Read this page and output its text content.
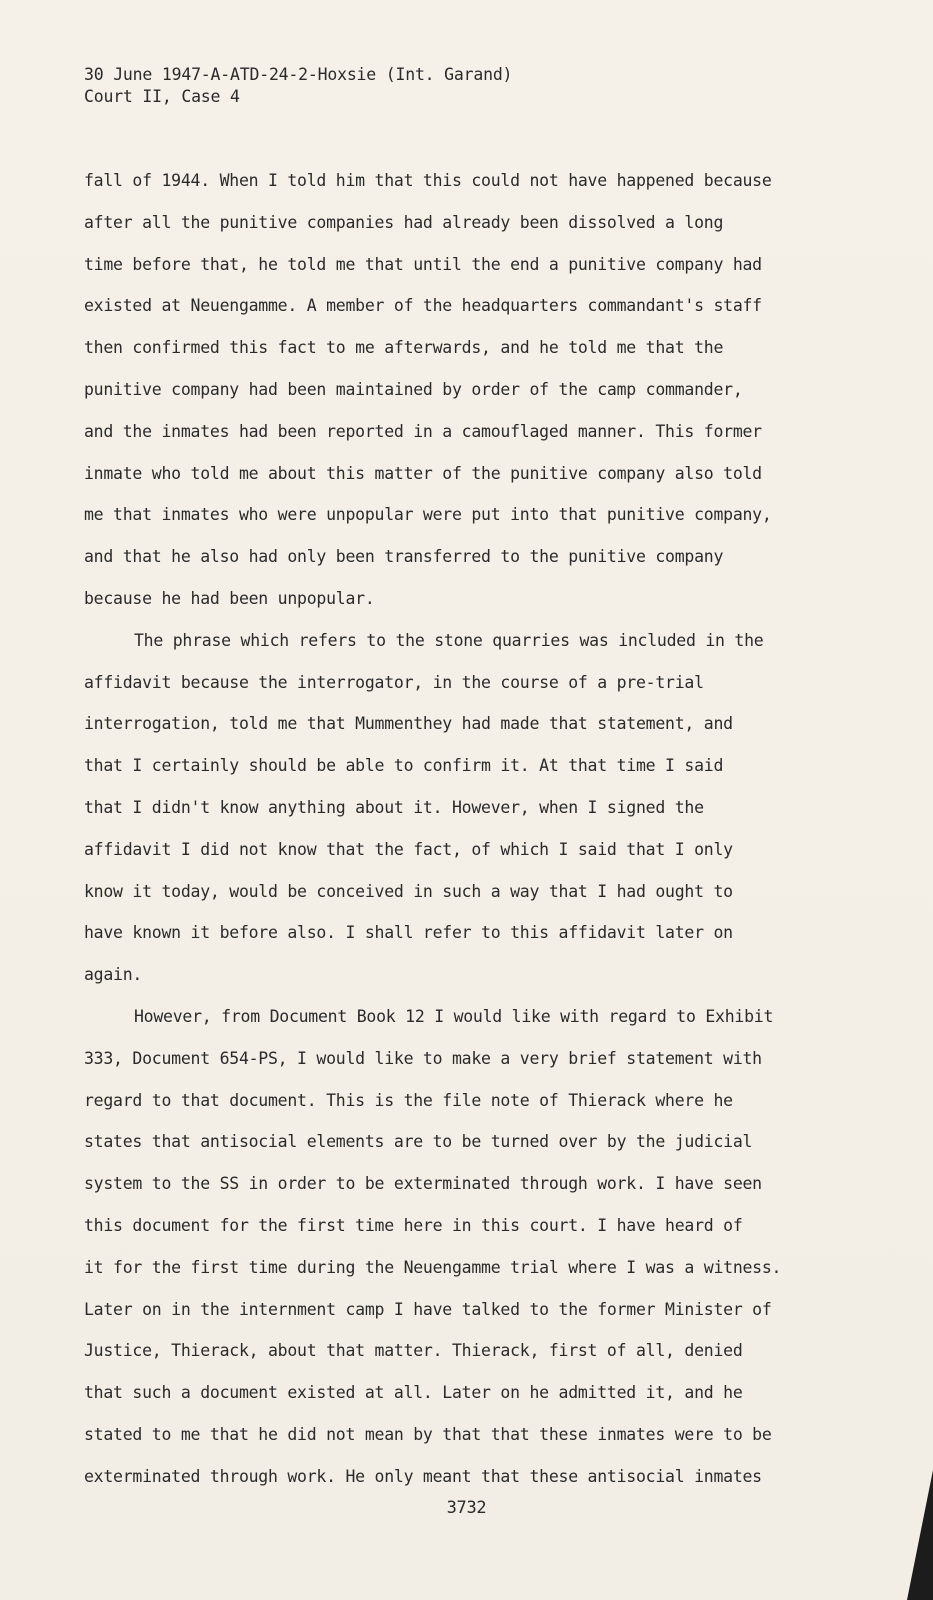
30 June 1947-A-ATD-24-2-Hoxsie (Int. Garand)
Court II, Case 4
fall of 1944. When I told him that this could not have happened because
after all the punitive companies had already been dissolved a long
time before that, he told me that until the end a punitive company had
existed at Neuengamme. A member of the headquarters commandant's staff
then confirmed this fact to me afterwards, and he told me that the
punitive company had been maintained by order of the camp commander,
and the inmates had been reported in a camouflaged manner. This former
inmate who told me about this matter of the punitive company also told
me that inmates who were unpopular were put into that punitive company,
and that he also had only been transferred to the punitive company
because he had been unpopular.
The phrase which refers to the stone quarries was included in the
affidavit because the interrogator, in the course of a pre-trial
interrogation, told me that Mummenthey had made that statement, and
that I certainly should be able to confirm it. At that time I said
that I didn't know anything about it. However, when I signed the
affidavit I did not know that the fact, of which I said that I only
know it today, would be conceived in such a way that I had ought to
have known it before also. I shall refer to this affidavit later on
again.
However, from Document Book 12 I would like with regard to Exhibit
333, Document 654-PS, I would like to make a very brief statement with
regard to that document. This is the file note of Thierack where he
states that antisocial elements are to be turned over by the judicial
system to the SS in order to be exterminated through work. I have seen
this document for the first time here in this court. I have heard of
it for the first time during the Neuengamme trial where I was a witness.
Later on in the internment camp I have talked to the former Minister of
Justice, Thierack, about that matter. Thierack, first of all, denied
that such a document existed at all. Later on he admitted it, and he
stated to me that he did not mean by that that these inmates were to be
exterminated through work. He only meant that these antisocial inmates
3732
